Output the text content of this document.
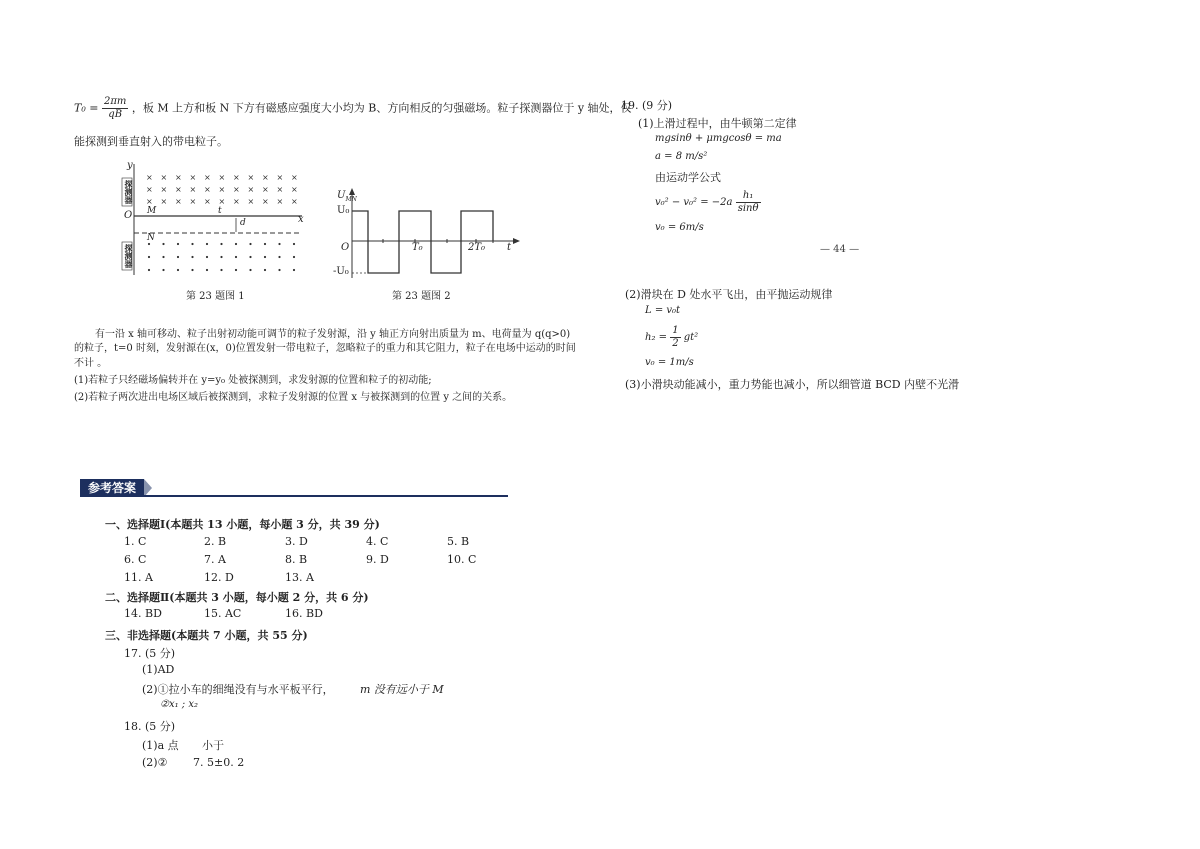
$T_0 = \frac{2\pi m}{qB}$ ，板 M 上方和板 N 下方有磁感应强度大小均为 B、方向相反的匀强磁场。粒子探测器位于 y 轴处，仅
能探测到垂直射入的带电粒子。
× × × × × × × × × × ×
× × × × × × × × × × ×
× × × × × × × × × × ×
y
探测器
探测器
O M
N
t
d	x
第 23 题图 1
$U_{MN}$
U₀
-U₀
O	T₀	2T₀ t
第 23 题图 2
有一沿 x 轴可移动、粒子出射初动能可调节的粒子发射源，沿 y 轴正方向射出质量为 m、电荷量为 q(q>0)
的粒子，t=0 时刻，发射源在(x，0)位置发射一带电粒子，忽略粒子的重力和其它阻力，粒子在电场中运动的时间
不计 。
(1)若粒子只经磁场偏转并在 y=y₀ 处被探测到，求发射源的位置和粒子的初动能;
(2)若粒子两次进出电场区域后被探测到，求粒子发射源的位置 x 与被探测到的位置 y 之间的关系。
参考答案
一、选择题Ⅰ(本题共 13 小题，每小题 3 分，共 39 分)
1. C	2. B	3. D	4. C	5. B
6. C	7. A	8. B	9. D	10. C
11. A	12. D	13. A
二、选择题Ⅱ(本题共 3 小题，每小题 2 分，共 6 分)
14. BD	15. AC	16. BD
三、非选择题(本题共 7 小题，共 55 分)
17. (5 分)
(1)AD
(2)①拉小车的细绳没有与水平板平行， m 没有远小于 M
②x₁ ; x₂
18. (5 分)
(1)a 点 小于
(2)② 7. 5±0. 2
19. (9 分)
(1)上滑过程中，由牛顿第二定律
mgsinθ + μmgcosθ = ma
a = 8 m/s²
由运动学公式
$v_0^2 - v_0^2 = -2a \frac{\text{h₁}}{\sin\theta}$
v₀ = 6m/s
— 44 —
(2)滑块在 D 处水平飞出，由平抛运动规律
L = v₀t
$h_2 = \frac{1}{2} gt^2$
v₀ = 1m/s
(3)小滑块动能减小，重力势能也减小，所以细管道 BCD 内壁不光滑
